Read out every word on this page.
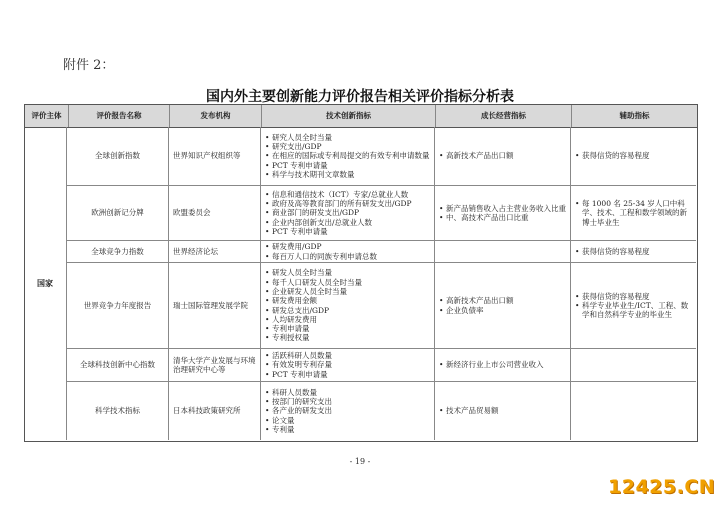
附件 2：
国内外主要创新能力评价报告相关评价指标分析表
评价主体	评价报告名称	发布机构	技术创新指标	成长经营指标	辅助指标
国家
全球创新指数	世界知识产权组织等
• 研究人员全时当量
• 研究支出/GDP
• 在相应的国际或专利局提交的有效专利申请数量
• PCT 专利申请量
• 科学与技术期刊文章数量
• 高新技术产品出口额
•	获得信贷的容易程度
欧洲创新记分牌	欧盟委员会
• 信息和通信技术（ICT）专家/总就业人数
• 政府及高等教育部门的所有研发支出/GDP
• 商业部门的研发支出/GDP
• 企业内部创新支出/总就业人数
• PCT 专利申请量
• 新产品销售收入占主营业务收入比重
• 中、高技术产品出口比重
• 每 1000 名 25-34 岁人口中科学、技术、工程和数学领域的新博士毕业生
全球竞争力指数	世界经济论坛
• 研发费用/GDP
• 每百万人口的同族专利申请总数
• 获得信贷的容易程度
世界竞争力年度报告	瑞士国际管理发展学院
• 研发人员全时当量
• 每千人口研发人员全时当量
• 企业研发人员全时当量
• 研发费用金额
• 研发总支出/GDP
• 人均研发费用
• 专利申请量
• 专利授权量
• 高新技术产品出口额
• 企业负债率
• 获得信贷的容易程度
• 科学专业毕业生/ICT、工程、数学和自然科学专业的毕业生
全球科技创新中心指数
清华大学产业发展与环境治理研究中心等
• 活跃科研人员数量
• 有效发明专利存量
• PCT 专利申请量
• 新经济行业上市公司营业收入
科学技术指标	日本科技政策研究所
• 科研人员数量
• 按部门的研究支出
• 各产业的研发支出
• 论文量
• 专利量
• 技术产品贸易额
- 19 -
12425.CN
